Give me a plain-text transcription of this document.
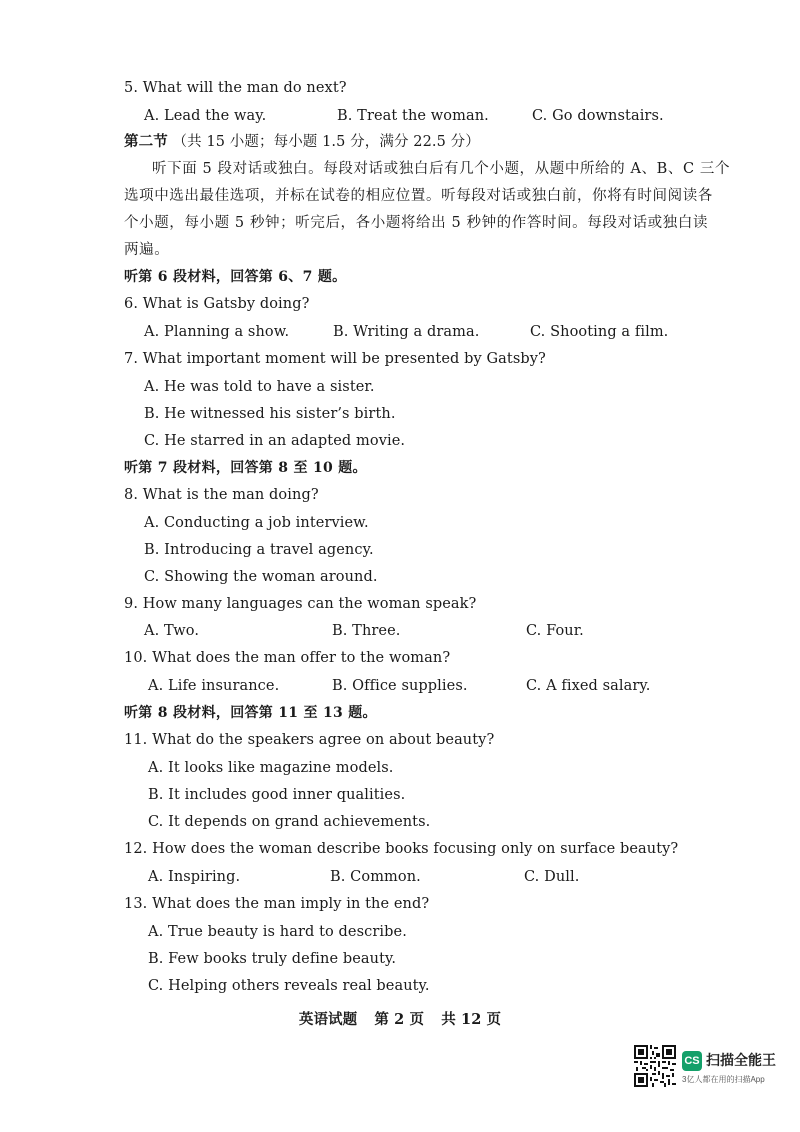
5. What will the man do next?
A. Lead the way.	B. Treat the woman.	C. Go downstairs.
第二节 （共 15 小题；每小题 1.5 分，满分 22.5 分）
听下面 5 段对话或独白。每段对话或独白后有几个小题，从题中所给的 A、B、C 三个
选项中选出最佳选项，并标在试卷的相应位置。听每段对话或独白前，你将有时间阅读各
个小题，每小题 5 秒钟；听完后，各小题将给出 5 秒钟的作答时间。每段对话或独白读
两遍。
听第 6 段材料，回答第 6、7 题。
6. What is Gatsby doing?
A. Planning a show.	B. Writing a drama.	C. Shooting a film.
7. What important moment will be presented by Gatsby?
A. He was told to have a sister.
B. He witnessed his sister’s birth.
C. He starred in an adapted movie.
听第 7 段材料，回答第 8 至 10 题。
8. What is the man doing?
A. Conducting a job interview.
B. Introducing a travel agency.
C. Showing the woman around.
9. How many languages can the woman speak?
A. Two.	B. Three.	C. Four.
10. What does the man offer to the woman?
A. Life insurance.	B. Office supplies.	C. A fixed salary.
听第 8 段材料，回答第 11 至 13 题。
11. What do the speakers agree on about beauty?
A. It looks like magazine models.
B. It includes good inner qualities.
C. It depends on grand achievements.
12. How does the woman describe books focusing only on surface beauty?
A. Inspiring.	B. Common.	C. Dull.
13. What does the man imply in the end?
A. True beauty is hard to describe.
B. Few books truly define beauty.
C. Helping others reveals real beauty.
英语试题 第 2 页 共 12 页
CS 扫描全能王
3亿人都在用的扫描App
